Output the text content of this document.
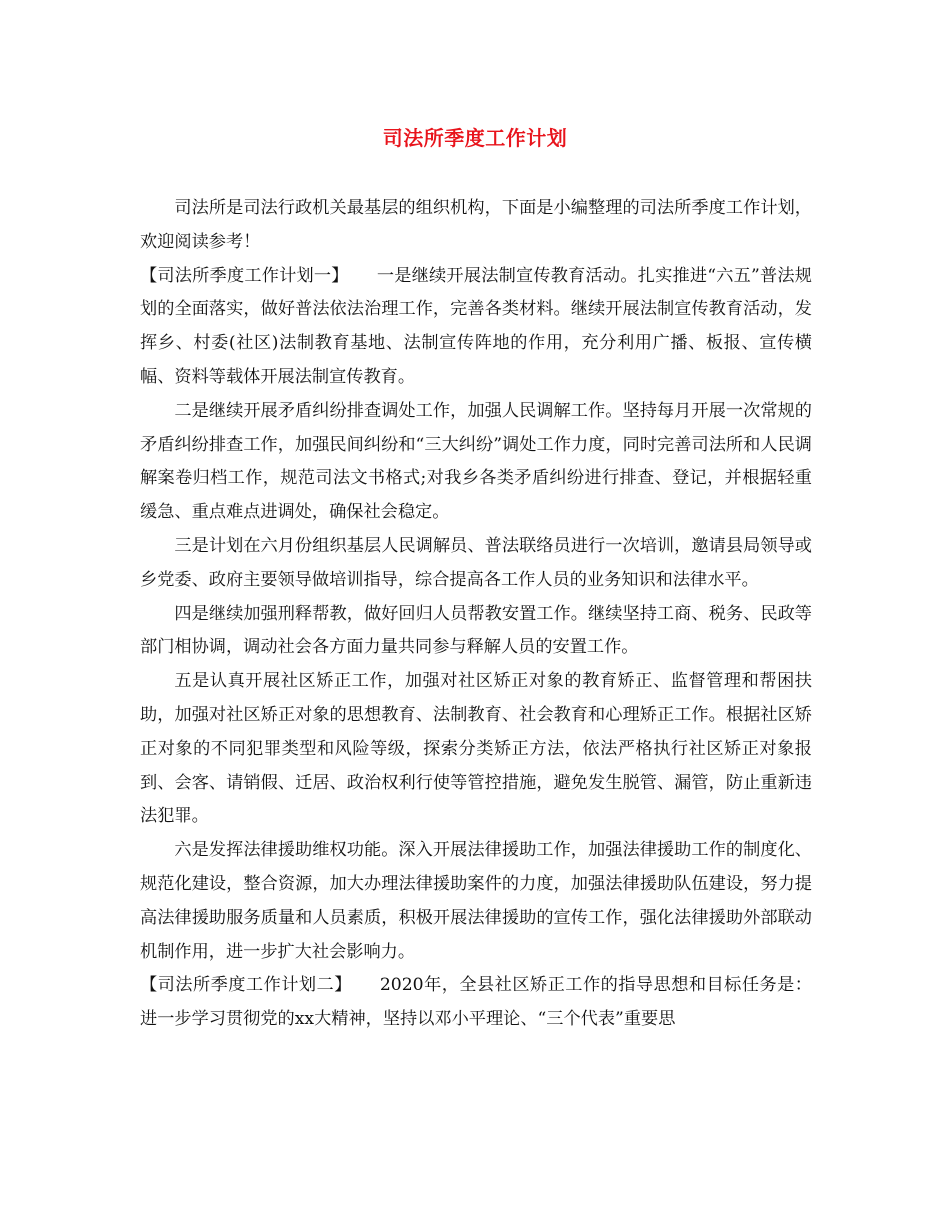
司法所季度工作计划

司法所是司法行政机关最基层的组织机构，下面是小编整理的司法所季度工作计划，欢迎阅读参考！

【司法所季度工作计划一】 一是继续开展法制宣传教育活动。扎实推进“六五”普法规划的全面落实，做好普法依法治理工作，完善各类材料。继续开展法制宣传教育活动，发挥乡、村委(社区)法制教育基地、法制宣传阵地的作用，充分利用广播、板报、宣传横幅、资料等载体开展法制宣传教育。

二是继续开展矛盾纠纷排查调处工作，加强人民调解工作。坚持每月开展一次常规的矛盾纠纷排查工作，加强民间纠纷和“三大纠纷”调处工作力度，同时完善司法所和人民调解案卷归档工作，规范司法文书格式;对我乡各类矛盾纠纷进行排查、登记，并根据轻重缓急、重点难点进调处，确保社会稳定。

三是计划在六月份组织基层人民调解员、普法联络员进行一次培训，邀请县局领导或乡党委、政府主要领导做培训指导，综合提高各工作人员的业务知识和法律水平。

四是继续加强刑释帮教，做好回归人员帮教安置工作。继续坚持工商、税务、民政等部门相协调，调动社会各方面力量共同参与释解人员的安置工作。

五是认真开展社区矫正工作，加强对社区矫正对象的教育矫正、监督管理和帮困扶助，加强对社区矫正对象的思想教育、法制教育、社会教育和心理矫正工作。根据社区矫正对象的不同犯罪类型和风险等级，探索分类矫正方法，依法严格执行社区矫正对象报到、会客、请销假、迁居、政治权利行使等管控措施，避免发生脱管、漏管，防止重新违法犯罪。

六是发挥法律援助维权功能。深入开展法律援助工作，加强法律援助工作的制度化、规范化建设，整合资源，加大办理法律援助案件的力度，加强法律援助队伍建设，努力提高法律援助服务质量和人员素质，积极开展法律援助的宣传工作，强化法律援助外部联动机制作用，进一步扩大社会影响力。

【司法所季度工作计划二】 2020年，全县社区矫正工作的指导思想和目标任务是：进一步学习贯彻党的xx大精神，坚持以邓小平理论、“三个代表”重要思
